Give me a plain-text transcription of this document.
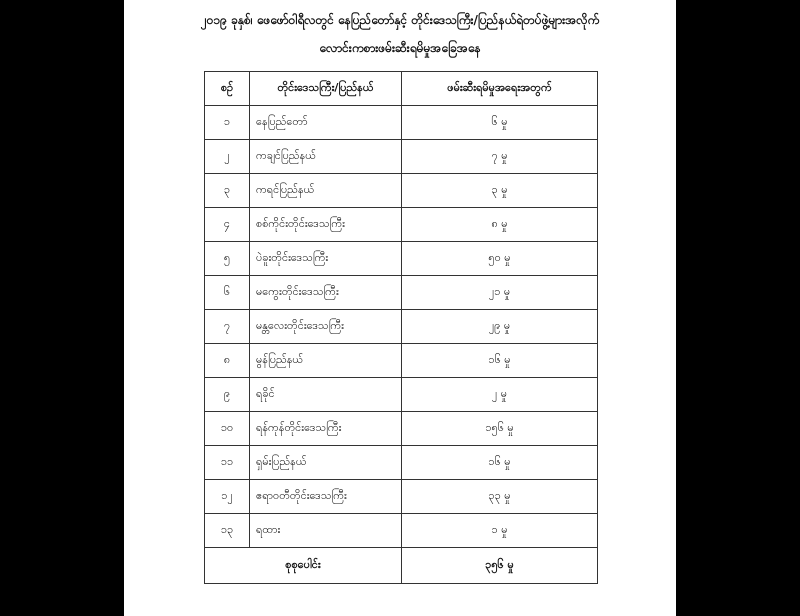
၂၀၁၉ ခုနှစ်၊ ဖေဖော်ဝါရီလတွင် နေပြည်တော်နှင့် တိုင်းဒေသကြီး/ပြည်နယ်ရဲတပ်ဖွဲ့များအလိုက်
လောင်းကစားဖမ်းဆီးရမိမှုအခြေအနေ
စဉ်	တိုင်းဒေသကြီး/ပြည်နယ်	ဖမ်းဆီးရမိမှုအရေးအတွက်
၁	နေပြည်တော်	၆ မှု
၂	ကချင်ပြည်နယ်	၇ မှု
၃	ကရင်ပြည်နယ်	၃ မှု
၄	စစ်ကိုင်းတိုင်းဒေသကြီး	၈ မှု
၅	ပဲခူးတိုင်းဒေသကြီး	၅၀ မှု
၆	မကွေးတိုင်းဒေသကြီး	၂၁ မှု
၇	မန္တလေးတိုင်းဒေသကြီး	၂၉ မှု
၈	မွန်ပြည်နယ်	၁၆ မှု
၉	ရခိုင်	၂ မှု
၁၀	ရန်ကုန်တိုင်းဒေသကြီး	၁၅၆ မှု
၁၁	ရှမ်းပြည်နယ်	၁၆ မှု
၁၂	ဧရာဝတီတိုင်းဒေသကြီး	၃၃ မှု
၁၃	ရထား	၁ မှု
စုစုပေါင်း		၃၅၆ မှု
